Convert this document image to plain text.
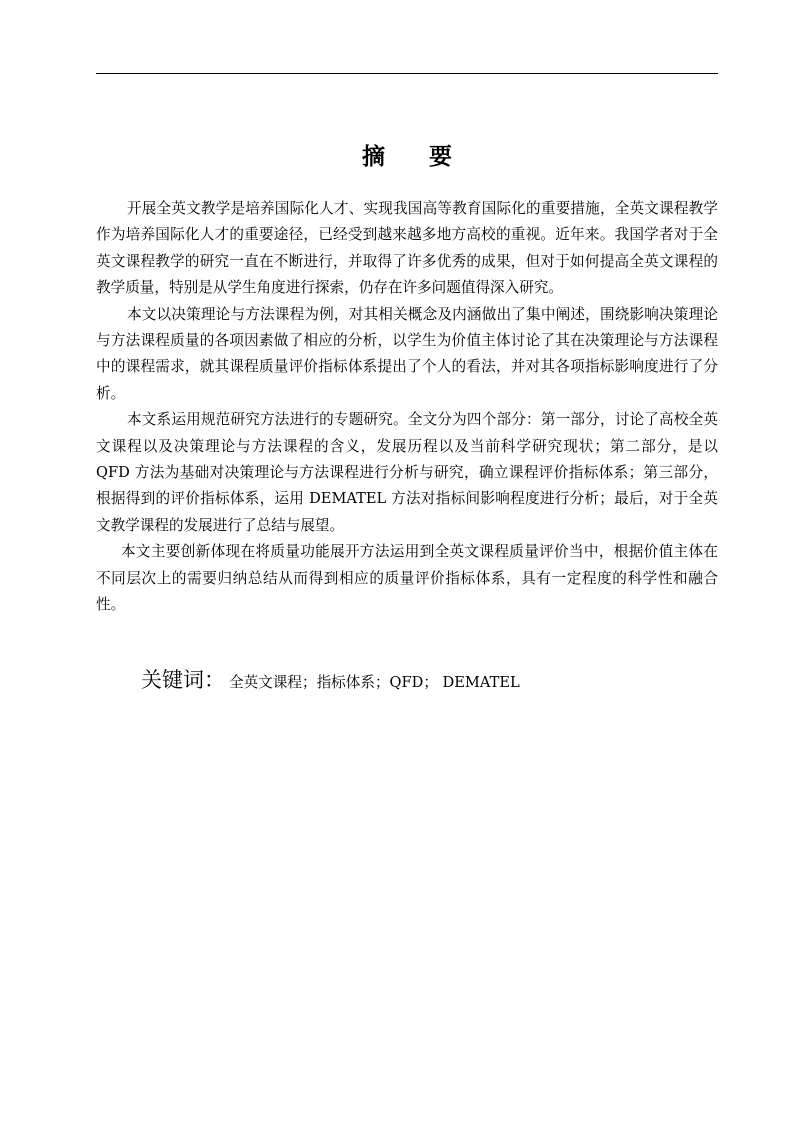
摘 要

开展全英文教学是培养国际化人才、实现我国高等教育国际化的重要措施，全英文课程教学作为培养国际化人才的重要途径，已经受到越来越多地方高校的重视。近年来。我国学者对于全英文课程教学的研究一直在不断进行，并取得了许多优秀的成果，但对于如何提高全英文课程的教学质量，特别是从学生角度进行探索，仍存在许多问题值得深入研究。

本文以决策理论与方法课程为例，对其相关概念及内涵做出了集中阐述，围绕影响决策理论与方法课程质量的各项因素做了相应的分析，以学生为价值主体讨论了其在决策理论与方法课程中的课程需求，就其课程质量评价指标体系提出了个人的看法，并对其各项指标影响度进行了分析。

本文系运用规范研究方法进行的专题研究。全文分为四个部分：第一部分，讨论了高校全英文课程以及决策理论与方法课程的含义，发展历程以及当前科学研究现状；第二部分，是以 QFD 方法为基础对决策理论与方法课程进行分析与研究，确立课程评价指标体系；第三部分，根据得到的评价指标体系，运用 DEMATEL 方法对指标间影响程度进行分析；最后，对于全英文教学课程的发展进行了总结与展望。

本文主要创新体现在将质量功能展开方法运用到全英文课程质量评价当中，根据价值主体在不同层次上的需要归纳总结从而得到相应的质量评价指标体系，具有一定程度的科学性和融合性。

关键词： 全英文课程；指标体系；QFD； DEMATEL
